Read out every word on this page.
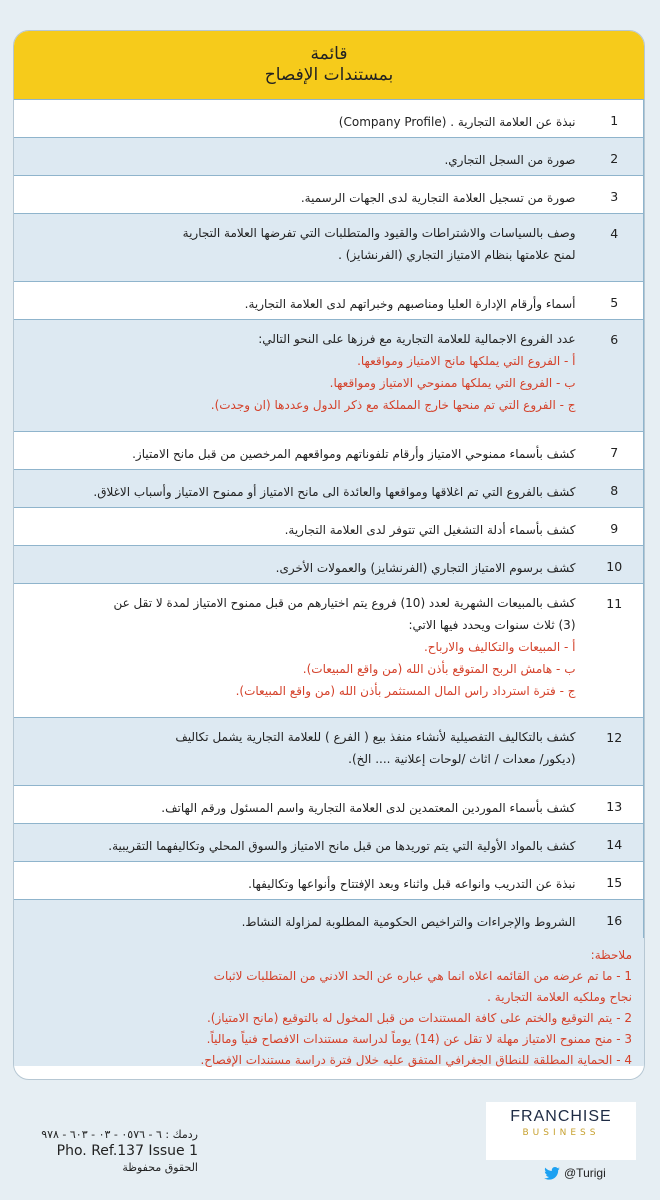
قائمة
بمستندات الإفصاح
1	نبذة عن العلامة التجارية . (Company Profile)

2	صورة من السجل التجاري.

3	صورة من تسجيل العلامة التجارية لدى الجهات الرسمية.

4	وصف بالسياسات والاشتراطات والقيود والمتطلبات التي تفرضها العلامة التجارية
لمنح علامتها بنظام الامتياز التجاري (الفرنشايز) .

5	أسماء وأرقام الإدارة العليا ومناصبهم وخبراتهم لدى العلامة التجارية.

6	عدد الفروع الاجمالية للعلامة التجارية مع فرزها على النحو التالي:
أ - الفروع التي يملكها مانح الامتياز ومواقعها.
ب - الفروع التي يملكها ممنوحي الامتياز ومواقعها.
ج - الفروع التي تم منحها خارج المملكة مع ذكر الدول وعددها (ان وجدت).

7	كشف بأسماء ممنوحي الامتياز وأرقام تلفوناتهم ومواقعهم المرخصين من قبل مانح الامتياز.

8	كشف بالفروع التي تم اغلاقها ومواقعها والعائدة الى مانح الامتياز أو ممنوح الامتياز وأسباب الاغلاق.

9	كشف بأسماء أدلة التشغيل التي تتوفر لدى العلامة التجارية.

10	كشف برسوم الامتياز التجاري (الفرنشايز) والعمولات الأخرى.

11	كشف بالمبيعات الشهرية لعدد (10) فروع يتم اختيارهم من قبل ممنوح الامتياز لمدة لا تقل عن
(3) ثلاث سنوات ويحدد فيها الاتي:
أ - المبيعات والتكاليف والارباح.
ب - هامش الربح المتوقع بأذن الله (من واقع المبيعات).
ج - فترة استرداد راس المال المستثمر بأذن الله (من واقع المبيعات).

12	كشف بالتكاليف التفصيلية لأنشاء منفذ بيع ( الفرع ) للعلامة التجارية يشمل تكاليف
(ديكور/ معدات / اثاث /لوحات إعلانية .... الخ).

13	كشف بأسماء الموردين المعتمدين لدى العلامة التجارية واسم المسئول ورقم الهاتف.

14	كشف بالمواد الأولية التي يتم توريدها من قبل مانح الامتياز والسوق المحلي وتكاليفهما التقريبية.

15	نبذة عن التدريب وانواعه قبل واثناء وبعد الإفتتاح وأنواعها وتكاليفها.

16	الشروط والإجراءات والتراخيص الحكومية المطلوبة لمزاولة النشاط.
ملاحظة:
1 - ما تم عرضه من القائمه اعلاه انما هي عباره عن الحد الادني من المتطلبات لاثبات
نجاح وملكيه العلامة التجارية .
2 - يتم التوقيع والختم على كافة المستندات من قبل المخول له بالتوقيع (مانح الامتياز).
3 - منح ممنوح الامتياز مهلة لا تقل عن (14) يوماً لدراسة مستندات الافصاح فنياً ومالياً.
4 - الحماية المطلقة للنطاق الجغرافي المتفق عليه خلال فترة دراسة مستندات الإفصاح.
ردمك : ٦ - ٠٥٧٦ - ٠٣ - ٦٠٣ - ٩٧٨
Pho. Ref.137 Issue 1
الحقوق محفوظة
FRANCHISE
BUSINESS
@Turigi
